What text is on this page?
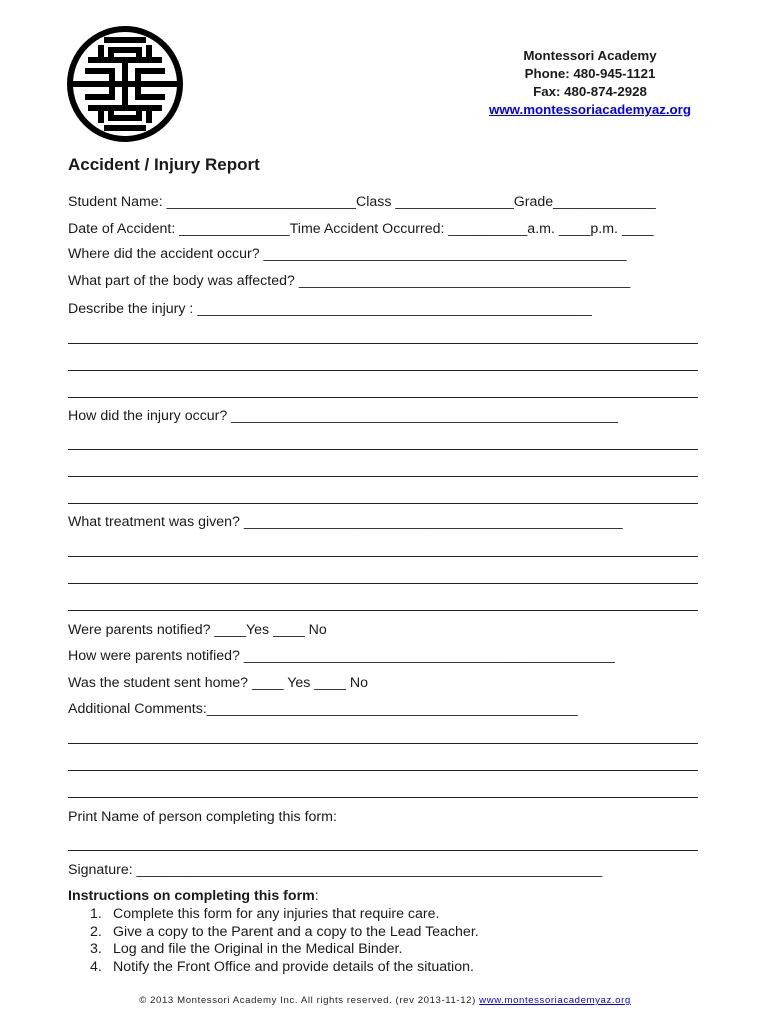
Montessori Academy
Phone: 480-945-1121
Fax: 480-874-2928
www.montessoriacademyaz.org
Accident / Injury Report
Student Name: ________________________Class _______________Grade_____________
Date of Accident: ______________Time Accident Occurred: __________a.m. ____p.m. ____
Where did the accident occur? ______________________________________________
What part of the body was affected? __________________________________________
Describe the injury : __________________________________________________
How did the injury occur? _________________________________________________
What treatment was given? ________________________________________________
Were parents notified? ____Yes ____ No
How were parents notified? _______________________________________________
Was the student sent home? ____ Yes ____ No
Additional Comments:_______________________________________________
Print Name of person completing this form:
Signature: ___________________________________________________________
Instructions on completing this form:
1. Complete this form for any injuries that require care.
2. Give a copy to the Parent and a copy to the Lead Teacher.
3. Log and file the Original in the Medical Binder.
4. Notify the Front Office and provide details of the situation.
© 2013 Montessori Academy Inc. All rights reserved. (rev 2013-11-12) www.montessoriacademyaz.org
